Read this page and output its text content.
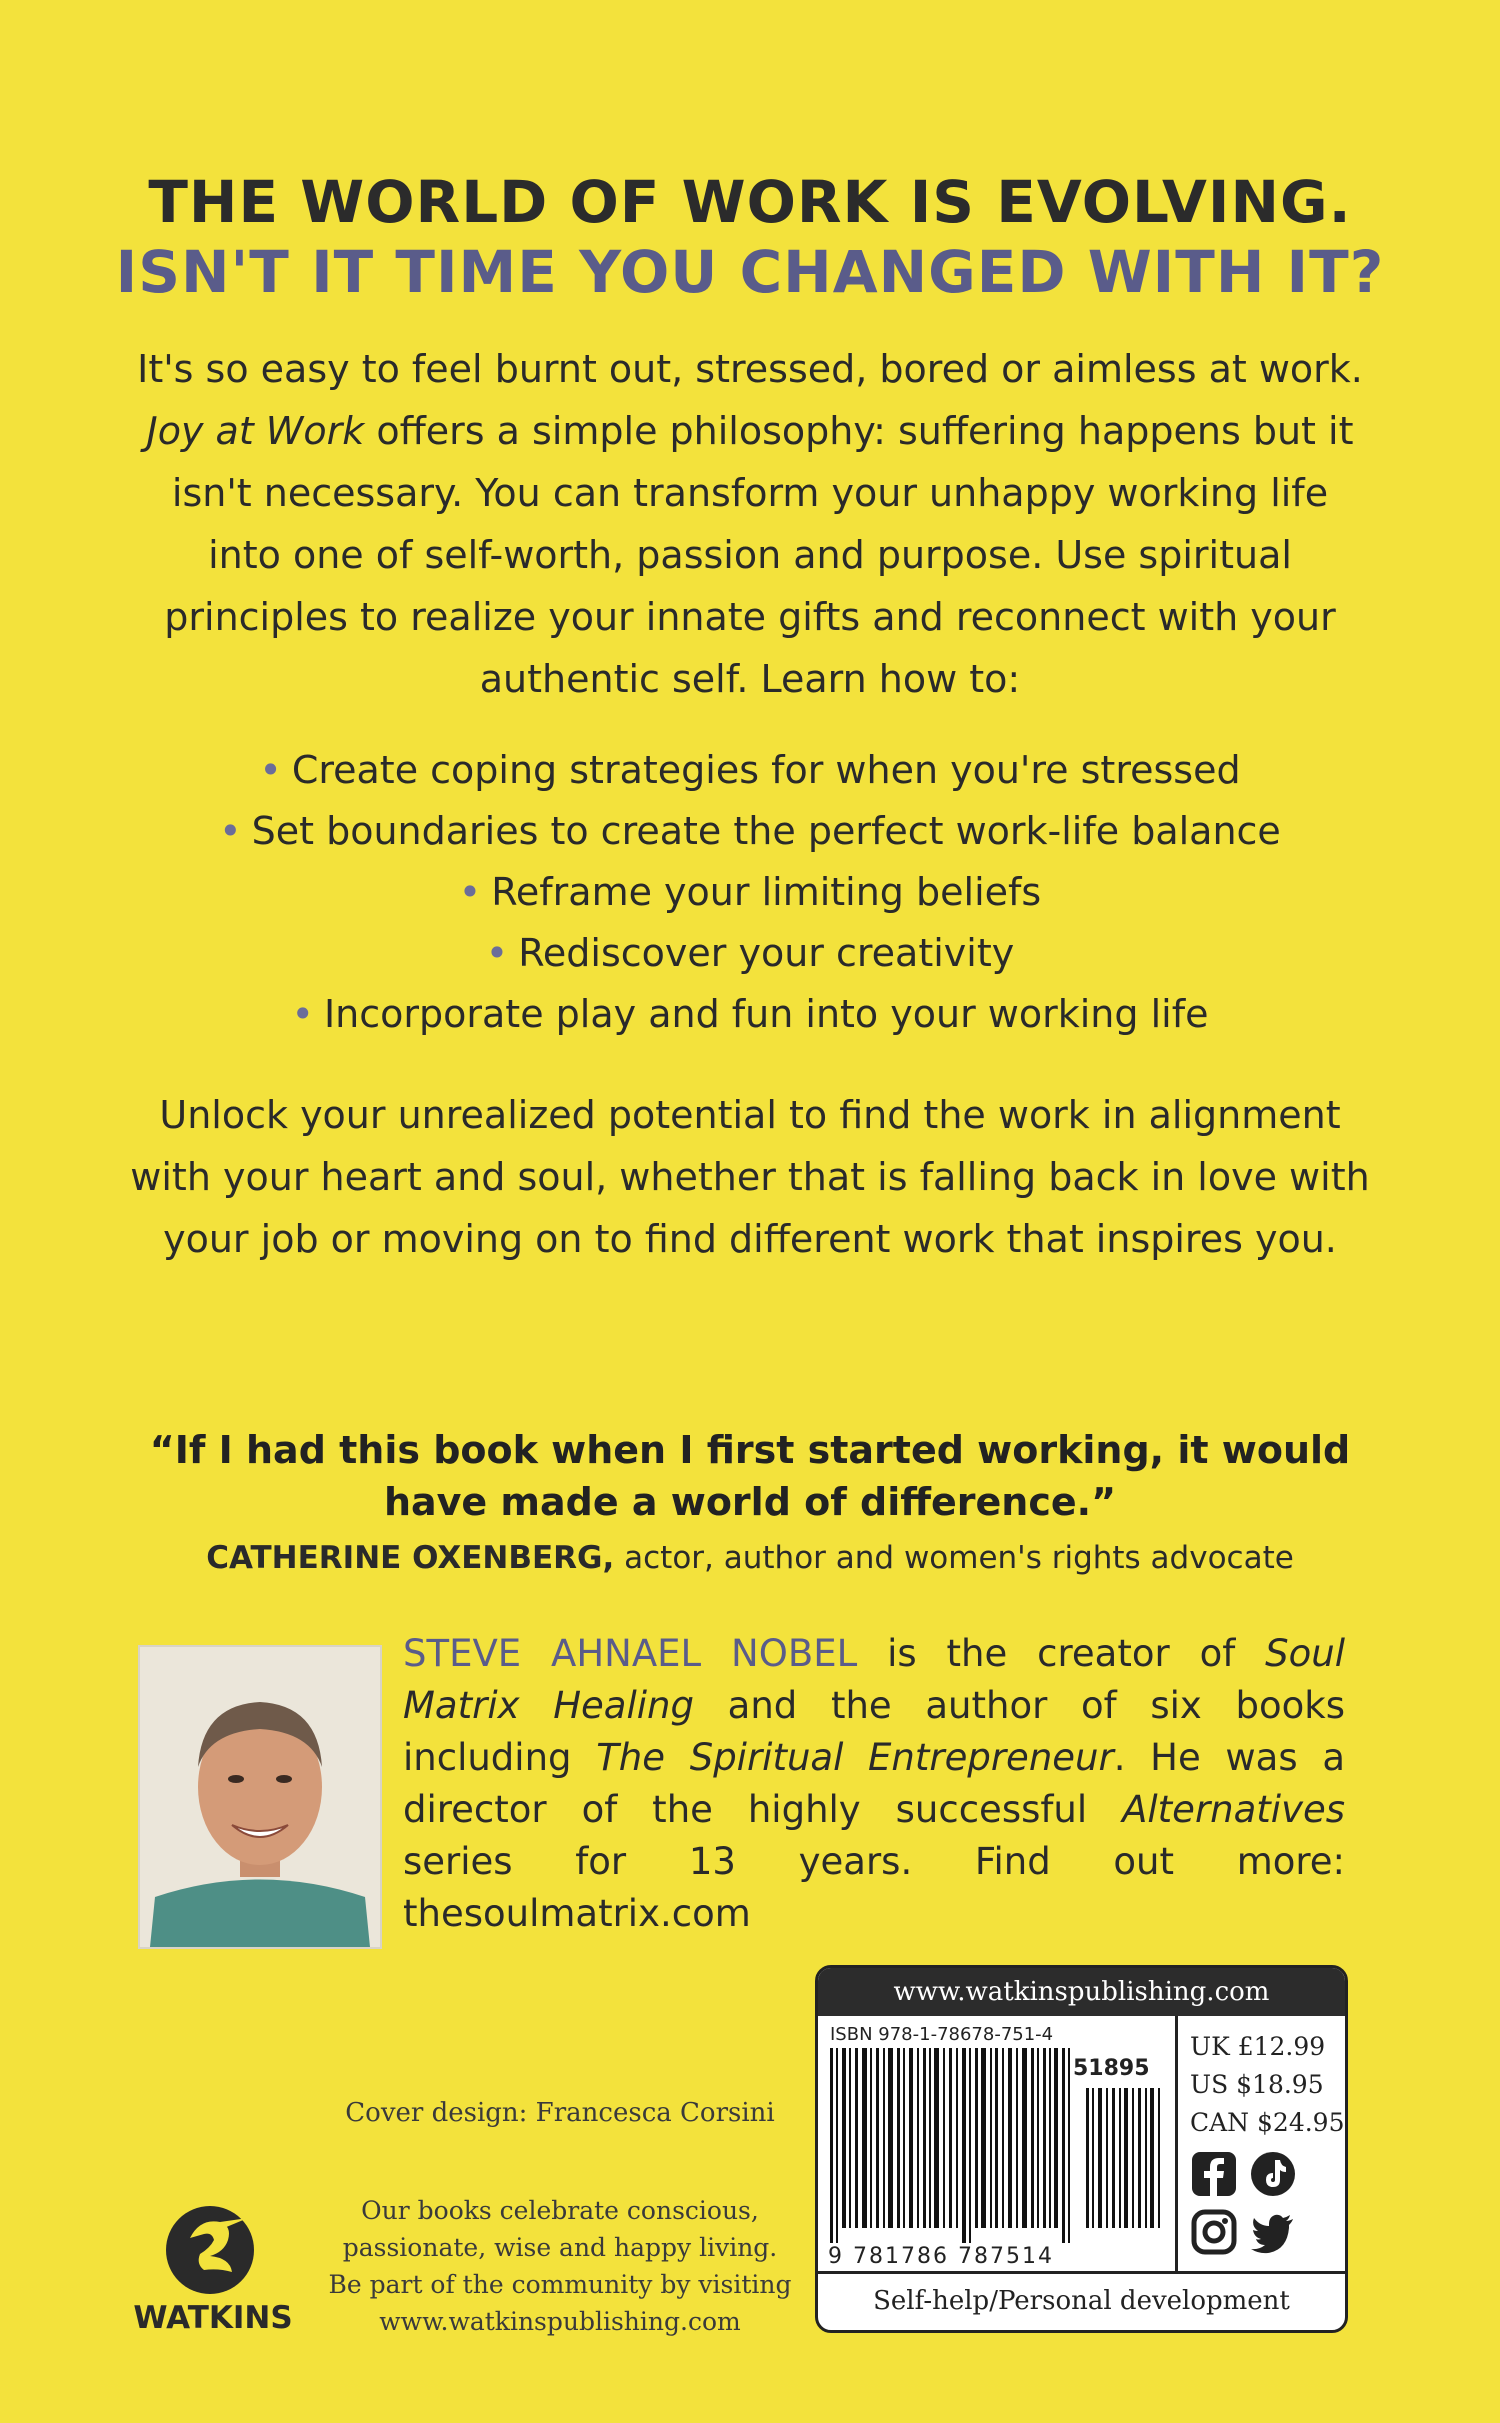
THE WORLD OF WORK IS EVOLVING.
ISN'T IT TIME YOU CHANGED WITH IT?
It's so easy to feel burnt out, stressed, bored or aimless at work. Joy at Work offers a simple philosophy: suffering happens but it isn't necessary. You can transform your unhappy working life into one of self-worth, passion and purpose. Use spiritual principles to realize your innate gifts and reconnect with your authentic self. Learn how to:
• Create coping strategies for when you're stressed
• Set boundaries to create the perfect work-life balance
• Reframe your limiting beliefs
• Rediscover your creativity
• Incorporate play and fun into your working life
Unlock your unrealized potential to find the work in alignment with your heart and soul, whether that is falling back in love with your job or moving on to find different work that inspires you.
“If I had this book when I first started working, it would have made a world of difference.”
CATHERINE OXENBERG, actor, author and women's rights advocate
STEVE AHNAEL NOBEL is the creator of Soul Matrix Healing and the author of six books including The Spiritual Entrepreneur. He was a director of the highly successful Alternatives series for 13 years. Find out more: thesoulmatrix.com
Cover design: Francesca Corsini
Our books celebrate conscious,
passionate, wise and happy living.
Be part of the community by visiting
www.watkinspublishing.com
WATKINS
www.watkinspublishing.com
ISBN 978-1-78678-751-4
51895
9 781786 787514
UK £12.99
US $18.95
CAN $24.95

Self-help/Personal development
